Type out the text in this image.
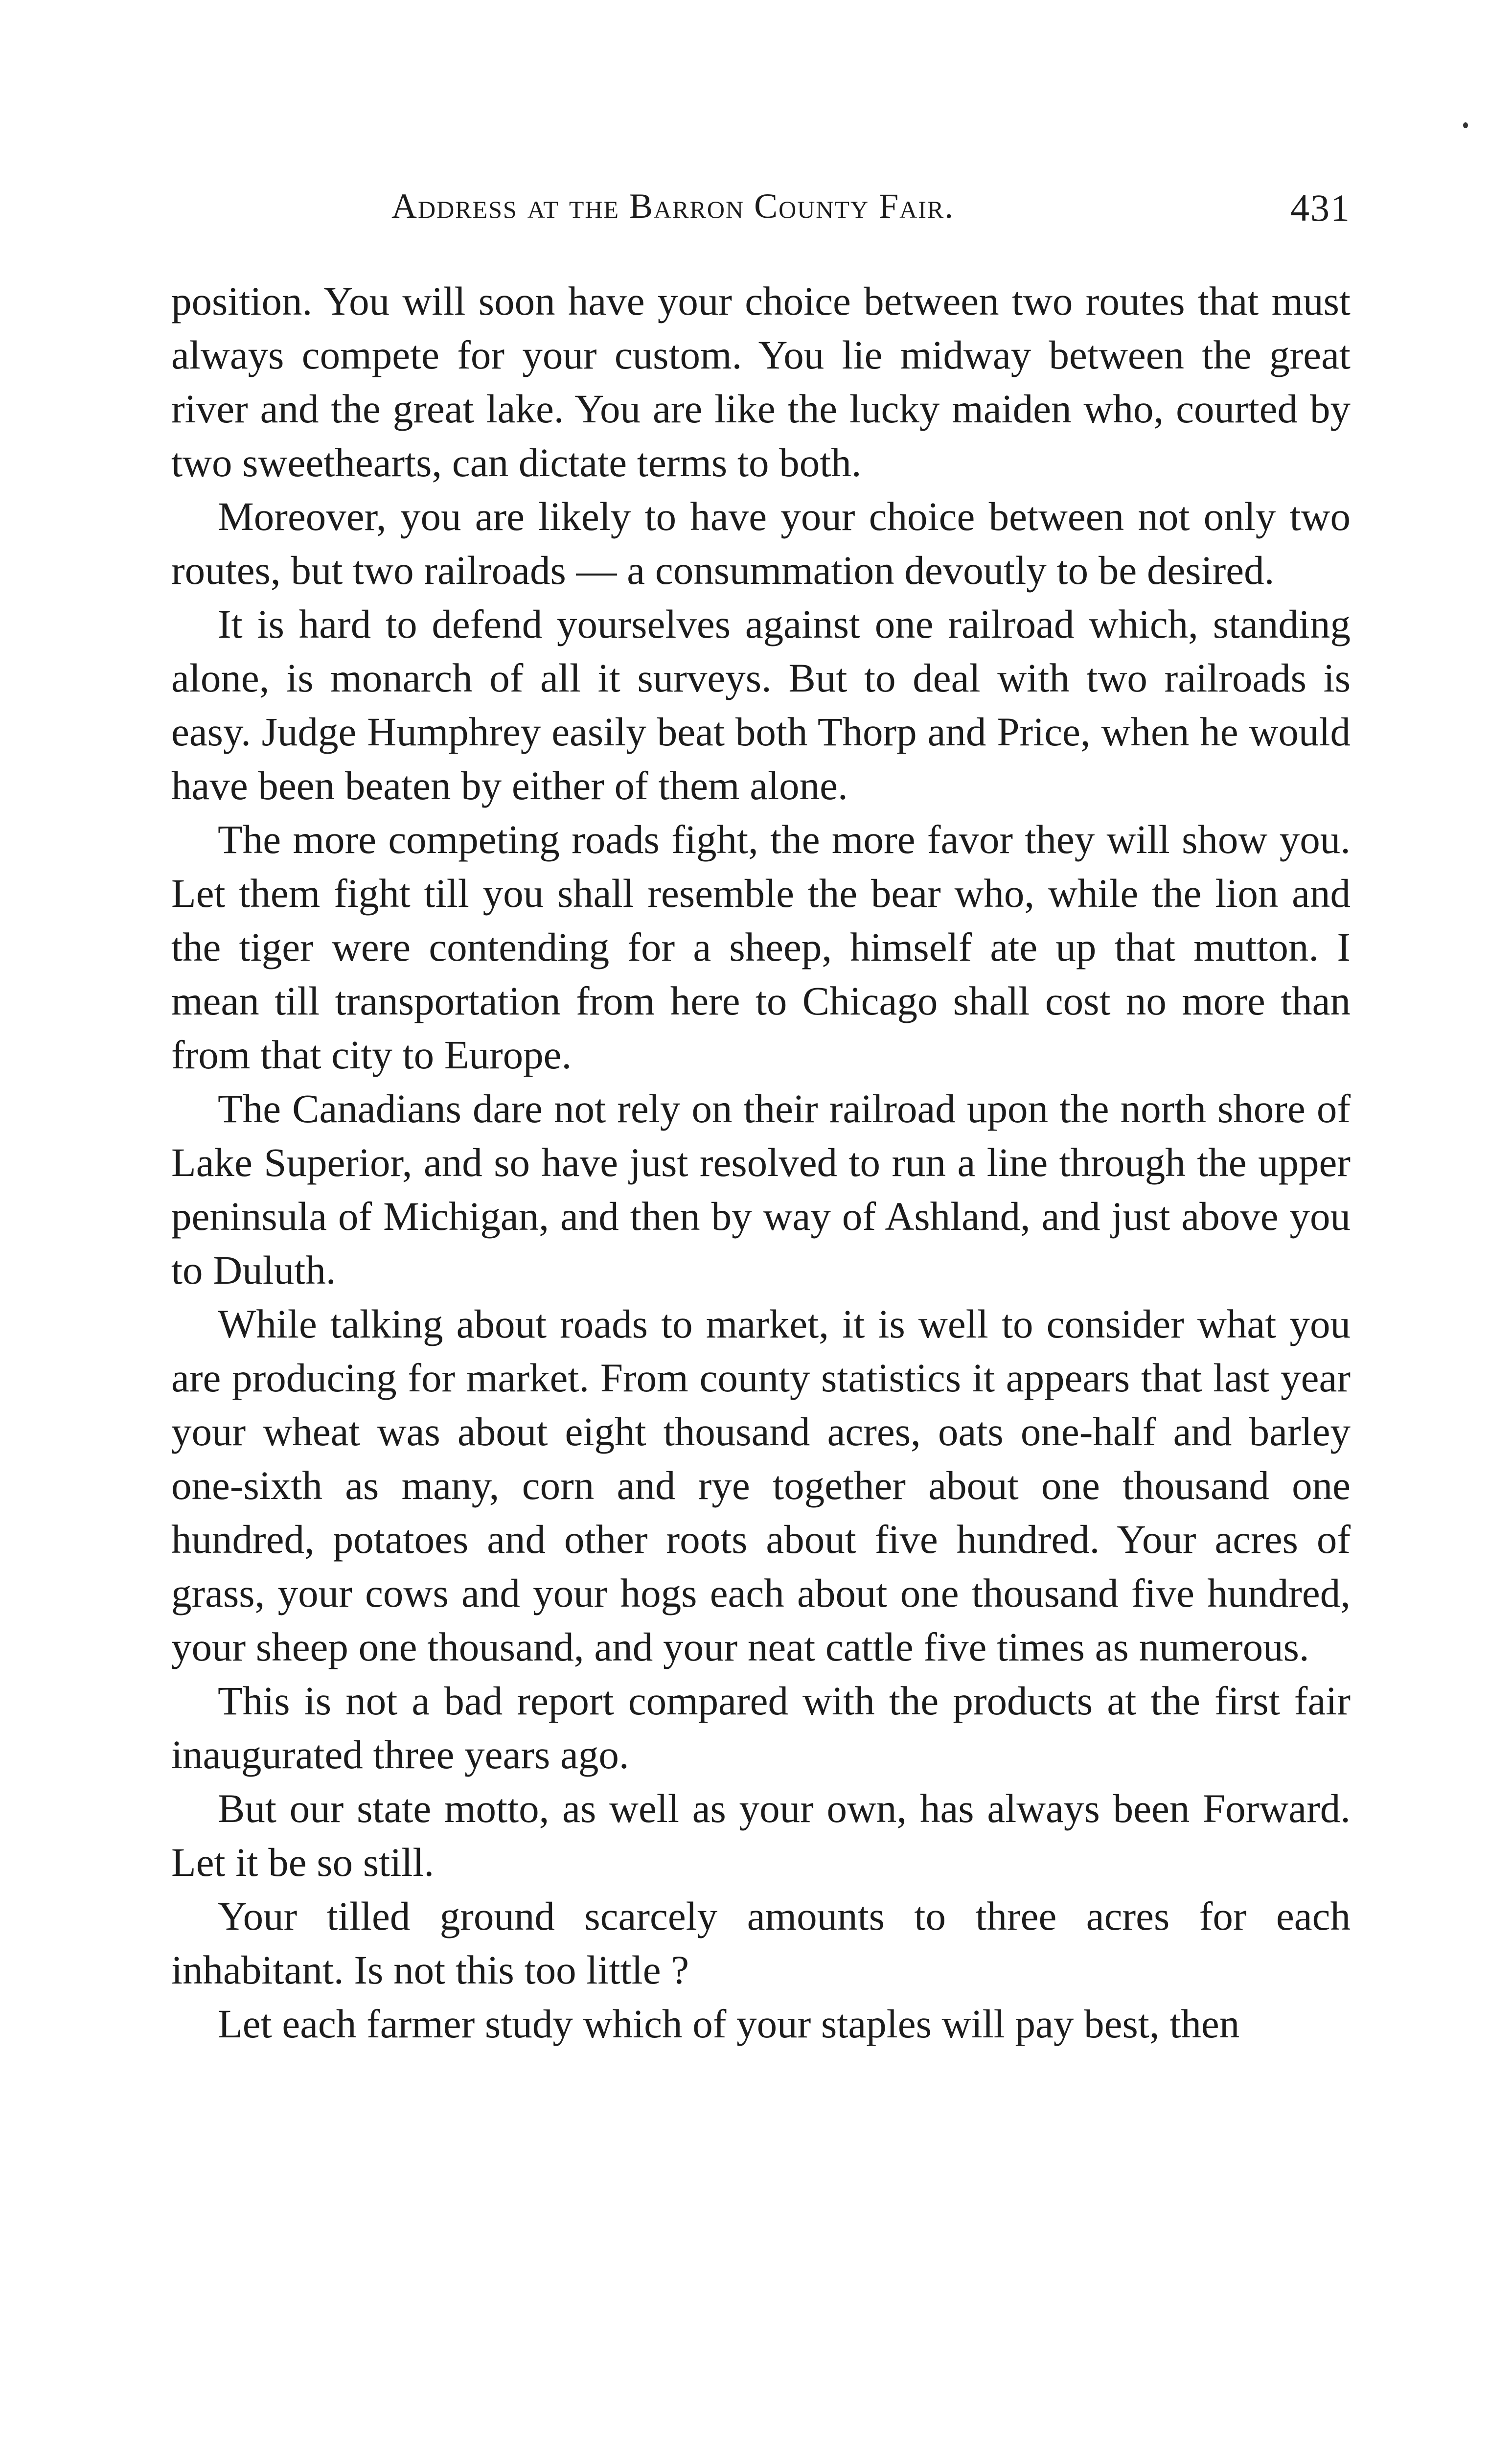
Address at the Barron County Fair.	431

position. You will soon have your choice between two routes that must always compete for your custom. You lie midway between the great river and the great lake. You are like the lucky maiden who, courted by two sweethearts, can dictate terms to both.

Moreover, you are likely to have your choice between not only two routes, but two railroads — a consummation devoutly to be desired.

It is hard to defend yourselves against one railroad which, standing alone, is monarch of all it surveys. But to deal with two railroads is easy. Judge Humphrey easily beat both Thorp and Price, when he would have been beaten by either of them alone.

The more competing roads fight, the more favor they will show you. Let them fight till you shall resemble the bear who, while the lion and the tiger were contending for a sheep, himself ate up that mutton. I mean till transportation from here to Chicago shall cost no more than from that city to Europe.

The Canadians dare not rely on their railroad upon the north shore of Lake Superior, and so have just resolved to run a line through the upper peninsula of Michigan, and then by way of Ashland, and just above you to Duluth.

While talking about roads to market, it is well to consider what you are producing for market. From county statistics it appears that last year your wheat was about eight thousand acres, oats one-half and barley one-sixth as many, corn and rye together about one thousand one hundred, potatoes and other roots about five hundred. Your acres of grass, your cows and your hogs each about one thousand five hundred, your sheep one thousand, and your neat cattle five times as numerous.

This is not a bad report compared with the products at the first fair inaugurated three years ago.

But our state motto, as well as your own, has always been Forward. Let it be so still.

Your tilled ground scarcely amounts to three acres for each inhabitant. Is not this too little ?

Let each farmer study which of your staples will pay best, then
